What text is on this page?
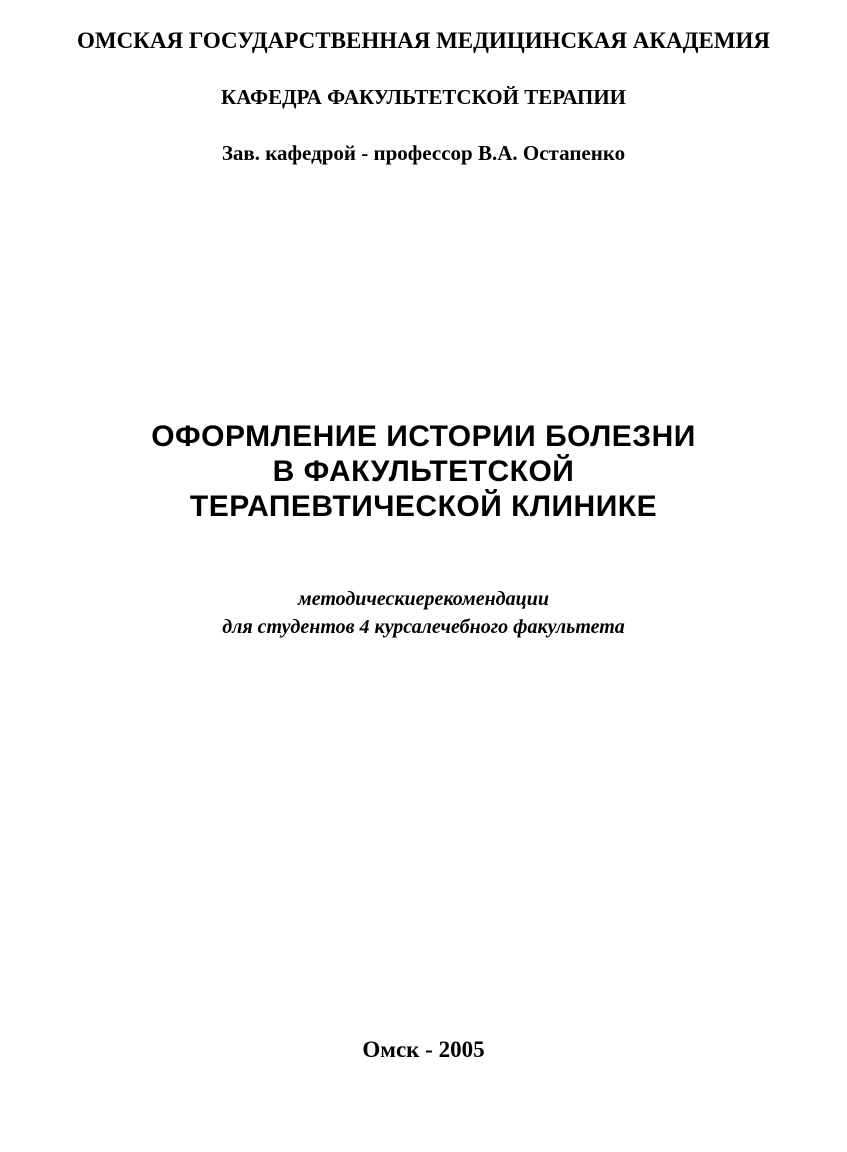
ОМСКАЯ ГОСУДАРСТВЕННАЯ МЕДИЦИНСКАЯ АКАДЕМИЯ
КАФЕДРА ФАКУЛЬТЕТСКОЙ ТЕРАПИИ
Зав. кафедрой - профессор В.А. Остапенко
ОФОРМЛЕНИЕ ИСТОРИИ БОЛЕЗНИ
В ФАКУЛЬТЕТСКОЙ
ТЕРАПЕВТИЧЕСКОЙ КЛИНИКЕ
методическиерекомендации
для студентов 4 курсалечебного факультета
Омск - 2005
